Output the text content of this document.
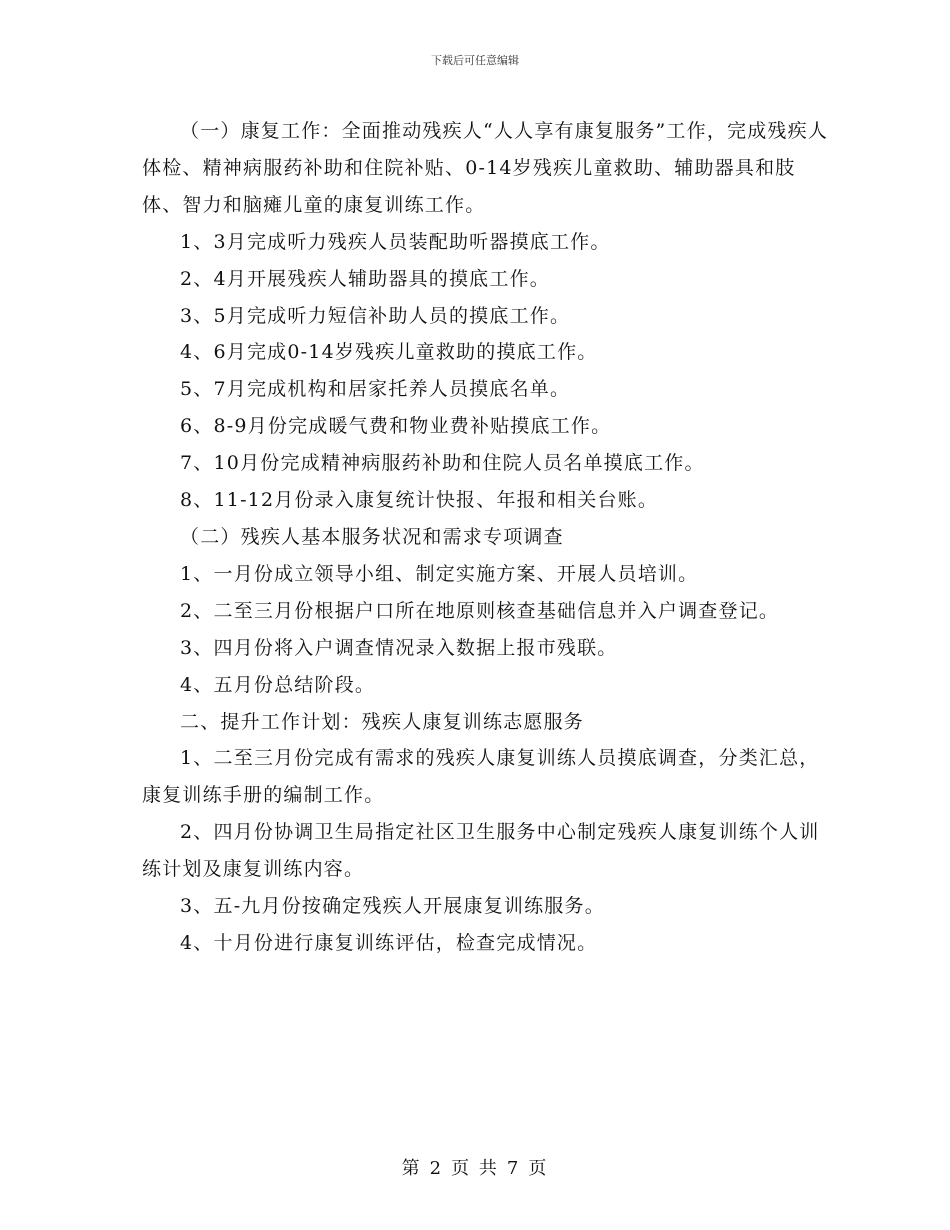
下载后可任意编辑

（一）康复工作：全面推动残疾人“人人享有康复服务”工作，完成残疾人体检、精神病服药补助和住院补贴、0-14岁残疾儿童救助、辅助器具和肢体、智力和脑瘫儿童的康复训练工作。

1、3月完成听力残疾人员装配助听器摸底工作。

2、4月开展残疾人辅助器具的摸底工作。

3、5月完成听力短信补助人员的摸底工作。

4、6月完成0-14岁残疾儿童救助的摸底工作。

5、7月完成机构和居家托养人员摸底名单。

6、8-9月份完成暖气费和物业费补贴摸底工作。

7、10月份完成精神病服药补助和住院人员名单摸底工作。

8、11-12月份录入康复统计快报、年报和相关台账。

（二）残疾人基本服务状况和需求专项调查

1、一月份成立领导小组、制定实施方案、开展人员培训。

2、二至三月份根据户口所在地原则核查基础信息并入户调查登记。

3、四月份将入户调查情况录入数据上报市残联。

4、五月份总结阶段。

二、提升工作计划：残疾人康复训练志愿服务

1、二至三月份完成有需求的残疾人康复训练人员摸底调查，分类汇总，康复训练手册的编制工作。

2、四月份协调卫生局指定社区卫生服务中心制定残疾人康复训练个人训练计划及康复训练内容。

3、五-九月份按确定残疾人开展康复训练服务。

4、十月份进行康复训练评估，检查完成情况。

第 2 页 共 7 页
